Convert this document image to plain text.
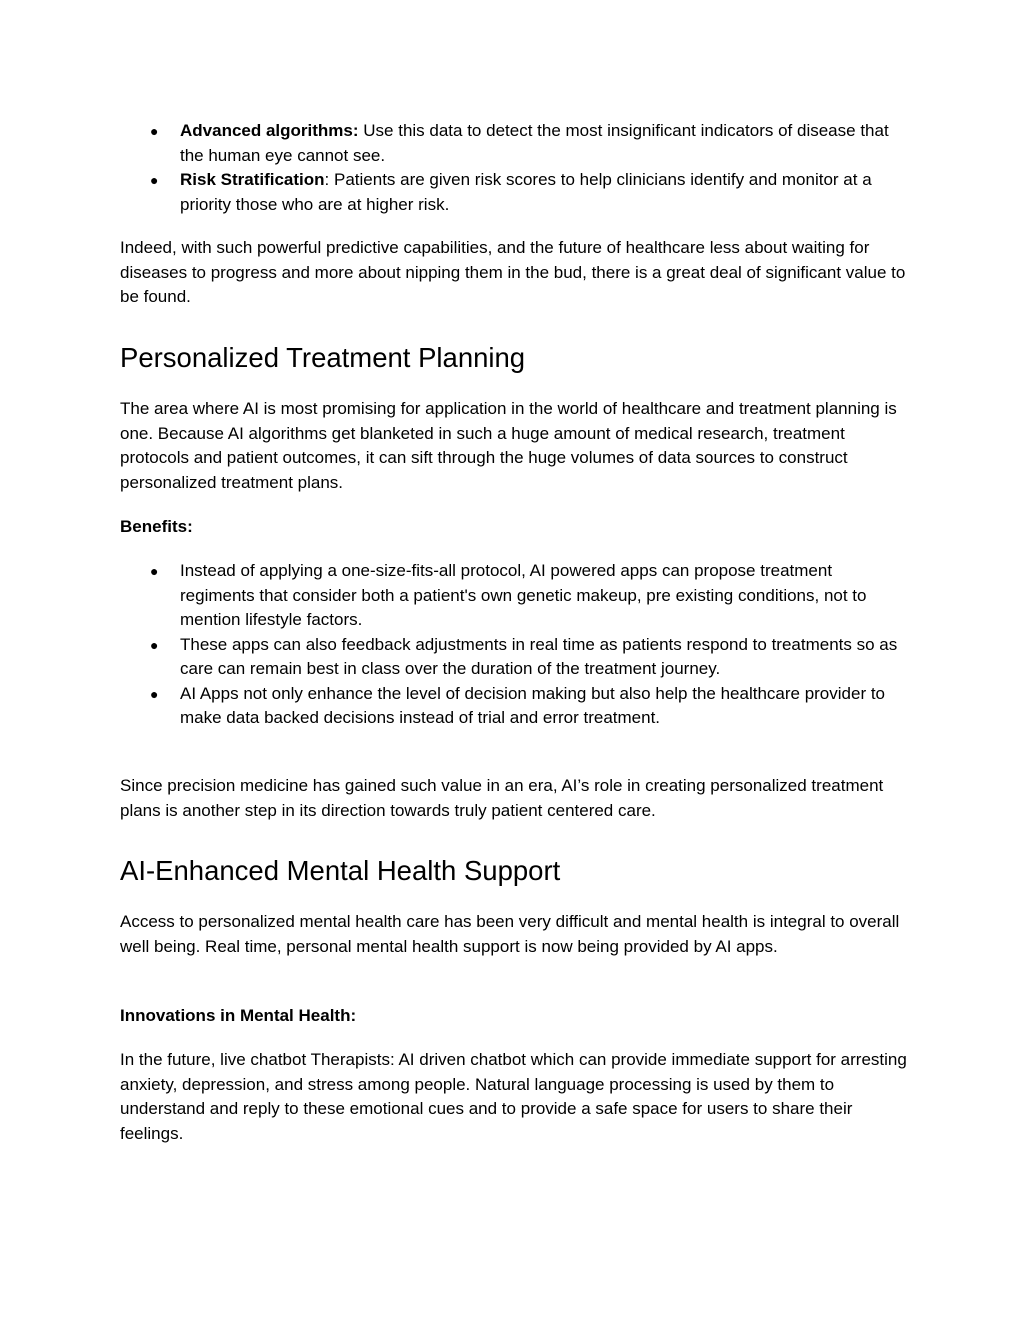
● Advanced algorithms: Use this data to detect the most insignificant indicators of disease that the human eye cannot see.
● Risk Stratification: Patients are given risk scores to help clinicians identify and monitor at a priority those who are at higher risk.

Indeed, with such powerful predictive capabilities, and the future of healthcare less about waiting for diseases to progress and more about nipping them in the bud, there is a great deal of significant value to be found.

Personalized Treatment Planning

The area where AI is most promising for application in the world of healthcare and treatment planning is one. Because AI algorithms get blanketed in such a huge amount of medical research, treatment protocols and patient outcomes, it can sift through the huge volumes of data sources to construct personalized treatment plans.

Benefits:

● Instead of applying a one-size-fits-all protocol, AI powered apps can propose treatment regiments that consider both a patient's own genetic makeup, pre existing conditions, not to mention lifestyle factors.
● These apps can also feedback adjustments in real time as patients respond to treatments so as care can remain best in class over the duration of the treatment journey.
● AI Apps not only enhance the level of decision making but also help the healthcare provider to make data backed decisions instead of trial and error treatment.

Since precision medicine has gained such value in an era, AI’s role in creating personalized treatment plans is another step in its direction towards truly patient centered care.

AI-Enhanced Mental Health Support

Access to personalized mental health care has been very difficult and mental health is integral to overall well being. Real time, personal mental health support is now being provided by AI apps.

Innovations in Mental Health:

In the future, live chatbot Therapists: AI driven chatbot which can provide immediate support for arresting anxiety, depression, and stress among people. Natural language processing is used by them to understand and reply to these emotional cues and to provide a safe space for users to share their feelings.
